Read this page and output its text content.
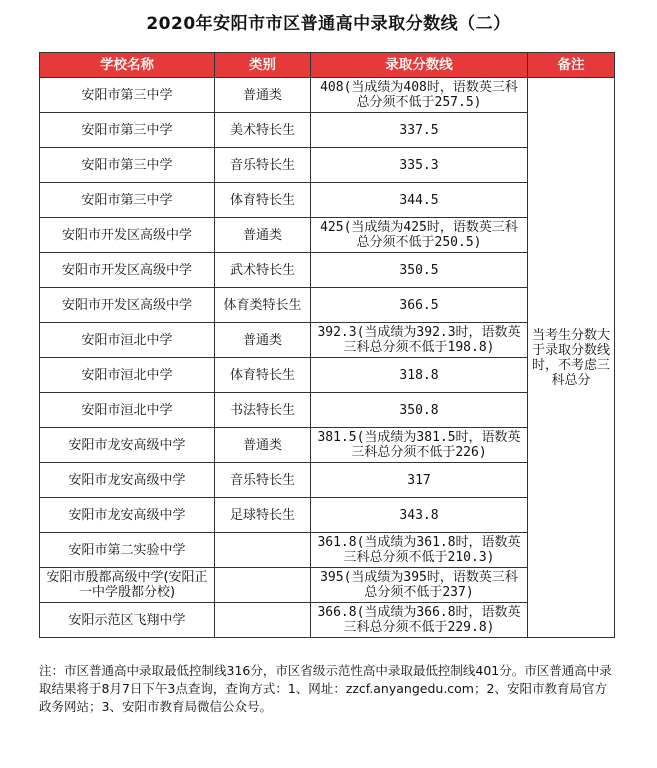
2020年安阳市市区普通高中录取分数线（二）
学校名称	类别	录取分数线	备注
安阳市第三中学	普通类	408(当成绩为408时，语数英三科总分须不低于257.5)	当考生分数大于录取分数线时，不考虑三科总分
安阳市第三中学	美术特长生	337.5	
安阳市第三中学	音乐特长生	335.3	
安阳市第三中学	体育特长生	344.5	
安阳市开发区高级中学	普通类	425(当成绩为425时，语数英三科总分须不低于250.5)	
安阳市开发区高级中学	武术特长生	350.5	
安阳市开发区高级中学	体育类特长生	366.5	
安阳市洹北中学	普通类	392.3(当成绩为392.3时，语数英三科总分须不低于198.8)	
安阳市洹北中学	体育特长生	318.8	
安阳市洹北中学	书法特长生	350.8	
安阳市龙安高级中学	普通类	381.5(当成绩为381.5时，语数英三科总分须不低于226)	
安阳市龙安高级中学	音乐特长生	317	
安阳市龙安高级中学	足球特长生	343.8	
安阳市第二实验中学		361.8(当成绩为361.8时，语数英三科总分须不低于210.3)	
安阳市殷都高级中学(安阳正一中学殷都分校)		395(当成绩为395时，语数英三科总分须不低于237)	
安阳示范区飞翔中学		366.8(当成绩为366.8时，语数英三科总分须不低于229.8)	
注：市区普通高中录取最低控制线316分，市区省级示范性高中录取最低控制线401分。市区普通高中录取结果将于8月7日下午3点查询，查询方式：1、网址：zzcf.anyangedu.com；2、安阳市教育局官方政务网站；3、安阳市教育局微信公众号。
